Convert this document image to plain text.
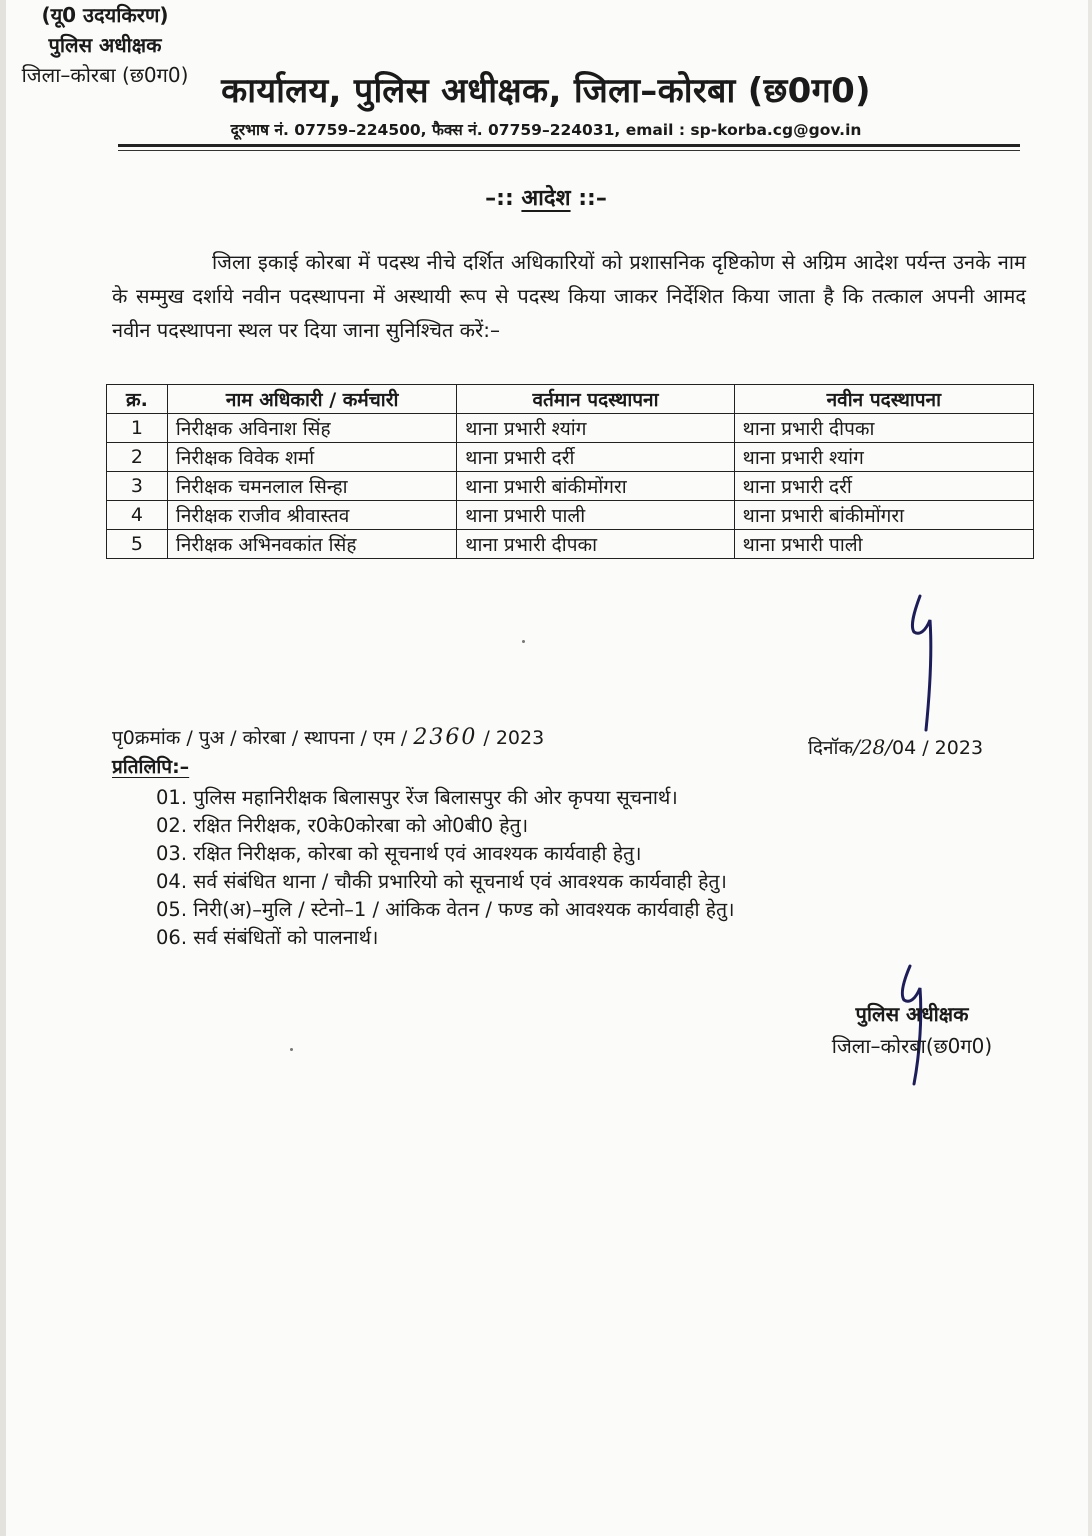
कार्यालय, पुलिस अधीक्षक, जिला–कोरबा (छ0ग0)
दूरभाष नं. 07759–224500, फैक्स नं. 07759–224031, email : sp-korba.cg@gov.in
–:: आदेश ::–
जिला इकाई कोरबा में पदस्थ नीचे दर्शित अधिकारियों को प्रशासनिक दृष्टिकोण से अग्रिम आदेश पर्यन्त उनके नाम के सम्मुख दर्शाये नवीन पदस्थापना में अस्थायी रूप से पदस्थ किया जाकर निर्देशित किया जाता है कि तत्काल अपनी आमद नवीन पदस्थापना स्थल पर दिया जाना सुनिश्चित करें:–
क्र.	नाम अधिकारी / कर्मचारी	वर्तमान पदस्थापना	नवीन पदस्थापना
1	निरीक्षक अविनाश सिंह	थाना प्रभारी श्यांग	थाना प्रभारी दीपका
2	निरीक्षक विवेक शर्मा	थाना प्रभारी दर्री	थाना प्रभारी श्यांग
3	निरीक्षक चमनलाल सिन्हा	थाना प्रभारी बांकीमोंगरा	थाना प्रभारी दर्री
4	निरीक्षक राजीव श्रीवास्तव	थाना प्रभारी पाली	थाना प्रभारी बांकीमोंगरा
5	निरीक्षक अभिनवकांत सिंह	थाना प्रभारी दीपका	थाना प्रभारी पाली
(यू0 उदयकिरण)
पुलिस अधीक्षक
जिला–कोरबा (छ0ग0)
पृ0क्रमांक / पुअ / कोरबा / स्थापना / एम / 2360 / 2023	दिनॉक/28/04 / 2023
प्रतिलिपि:–
01. पुलिस महानिरीक्षक बिलासपुर रेंज बिलासपुर की ओर कृपया सूचनार्थ।
02. रक्षित निरीक्षक, र0के0कोरबा को ओ0बी0 हेतु।
03. रक्षित निरीक्षक, कोरबा को सूचनार्थ एवं आवश्यक कार्यवाही हेतु।
04. सर्व संबंधित थाना / चौकी प्रभारियो को सूचनार्थ एवं आवश्यक कार्यवाही हेतु।
05. निरी(अ)–मुलि / स्टेनो–1 / आंकिक वेतन / फण्ड को आवश्यक कार्यवाही हेतु।
06. सर्व संबंधितों को पालनार्थ।
पुलिस अधीक्षक
जिला–कोरबा(छ0ग0)
